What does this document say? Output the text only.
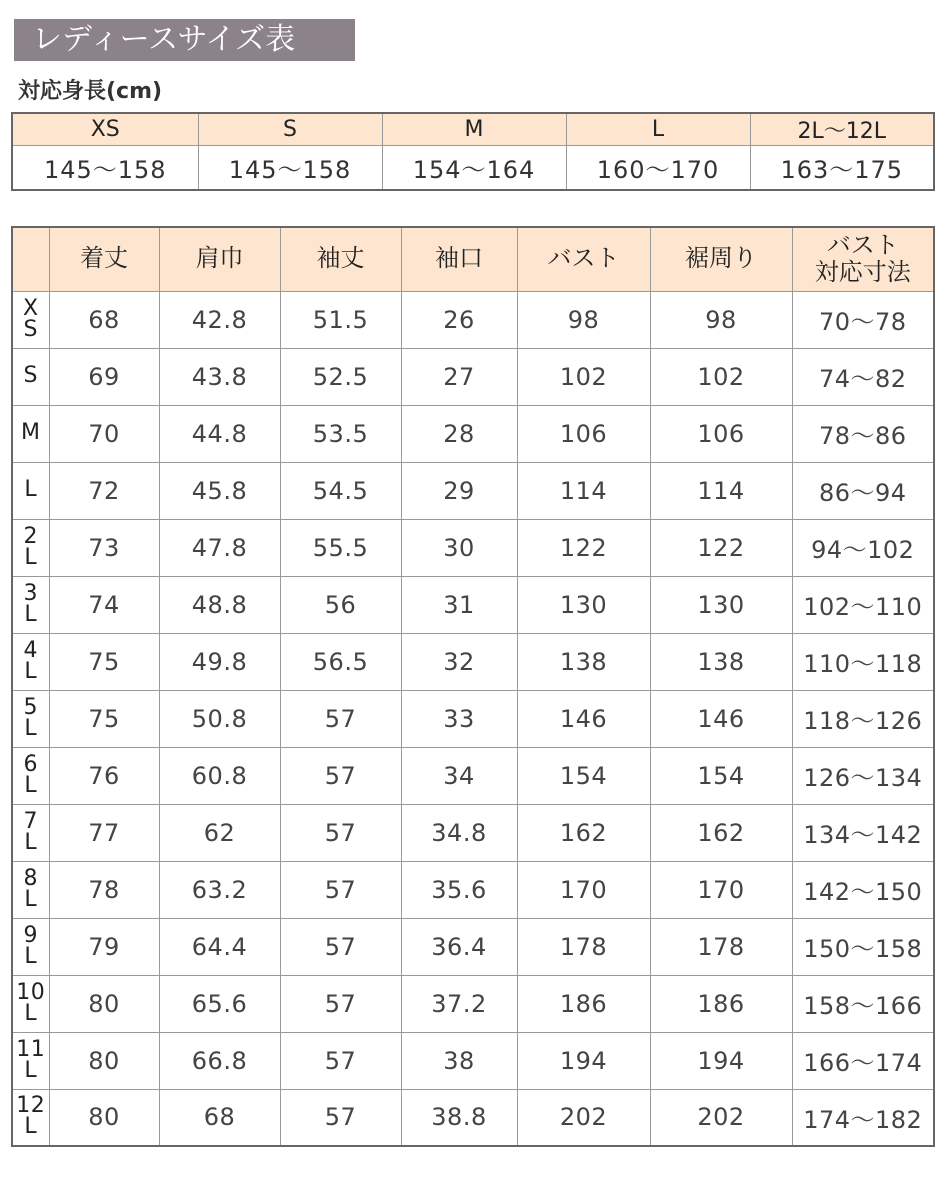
レディースサイズ表
対応身長(cm)
XS	S	M	L	2L〜12L
145〜158	145〜158	154〜164	160〜170	163〜175
	着丈	肩巾	袖丈	袖口	バスト	裾周り	バスト
対応寸法

X
S	68	42.8	51.5	26	98	98	70〜78

S	69	43.8	52.5	27	102	102	74〜82

M	70	44.8	53.5	28	106	106	78〜86

L	72	45.8	54.5	29	114	114	86〜94

2
L	73	47.8	55.5	30	122	122	94〜102

3
L	74	48.8	56	31	130	130	102〜110

4
L	75	49.8	56.5	32	138	138	110〜118

5
L	75	50.8	57	33	146	146	118〜126

6
L	76	60.8	57	34	154	154	126〜134

7
L	77	62	57	34.8	162	162	134〜142

8
L	78	63.2	57	35.6	170	170	142〜150

9
L	79	64.4	57	36.4	178	178	150〜158

10
L	80	65.6	57	37.2	186	186	158〜166

11
L	80	66.8	57	38	194	194	166〜174

12
L	80	68	57	38.8	202	202	174〜182
